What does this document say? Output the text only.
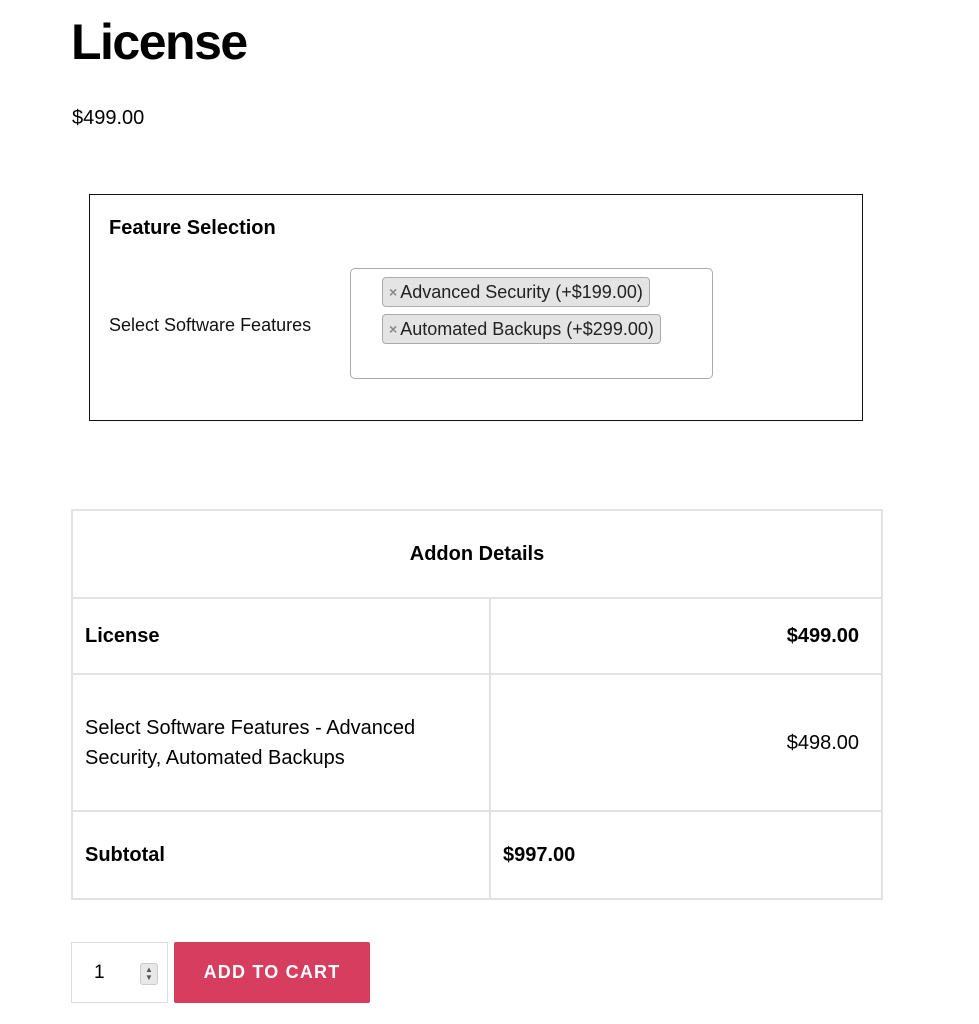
License
$499.00
Feature Selection
Select Software Features
× Advanced Security (+$199.00)
× Automated Backups (+$299.00)
Addon Details	
License	$499.00
Select Software Features - Advanced Security, Automated Backups	$498.00
Subtotal	$997.00
1	▲
▼	ADD TO CART
